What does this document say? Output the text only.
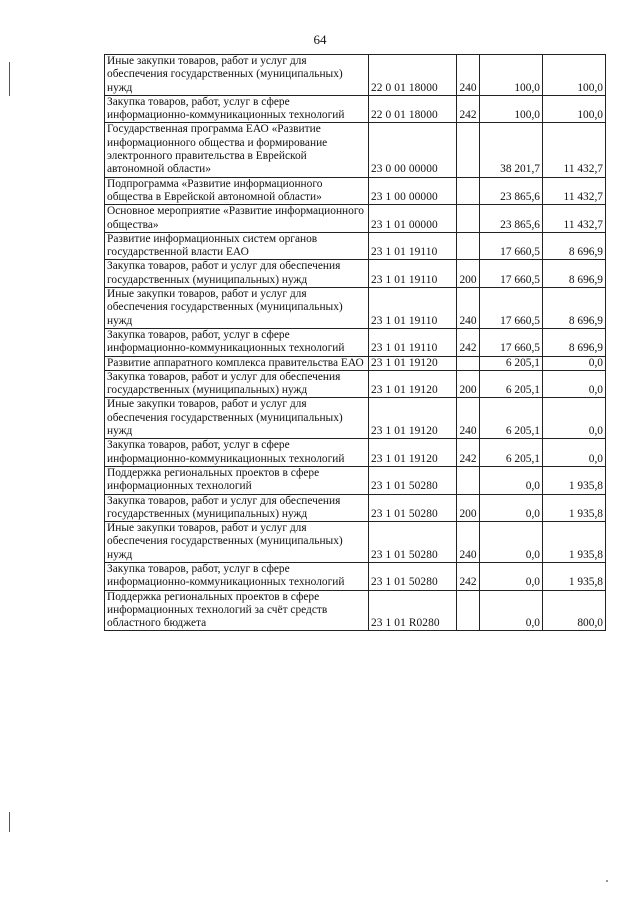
64
Иные закупки товаров, работ и услуг для обеспечения государственных (муниципальных) нужд	22 0 01 18000	240	100,0	100,0
Закупка товаров, работ, услуг в сфере информационно-коммуникационных технологий	22 0 01 18000	242	100,0	100,0
Государственная программа ЕАО «Развитие информационного общества и формирование электронного правительства в Еврейской автономной области»	23 0 00 00000		38 201,7	11 432,7
Подпрограмма «Развитие информационного общества в Еврейской автономной области»	23 1 00 00000		23 865,6	11 432,7
Основное мероприятие «Развитие информационного общества»	23 1 01 00000		23 865,6	11 432,7
Развитие информационных систем органов государственной власти ЕАО	23 1 01 19110		17 660,5	8 696,9
Закупка товаров, работ и услуг для обеспечения государственных (муниципальных) нужд	23 1 01 19110	200	17 660,5	8 696,9
Иные закупки товаров, работ и услуг для обеспечения государственных (муниципальных) нужд	23 1 01 19110	240	17 660,5	8 696,9
Закупка товаров, работ, услуг в сфере информационно-коммуникационных технологий	23 1 01 19110	242	17 660,5	8 696,9
Развитие аппаратного комплекса правительства ЕАО	23 1 01 19120		6 205,1	0,0
Закупка товаров, работ и услуг для обеспечения государственных (муниципальных) нужд	23 1 01 19120	200	6 205,1	0,0
Иные закупки товаров, работ и услуг для обеспечения государственных (муниципальных) нужд	23 1 01 19120	240	6 205,1	0,0
Закупка товаров, работ, услуг в сфере информационно-коммуникационных технологий	23 1 01 19120	242	6 205,1	0,0
Поддержка региональных проектов в сфере информационных технологий	23 1 01 50280		0,0	1 935,8
Закупка товаров, работ и услуг для обеспечения государственных (муниципальных) нужд	23 1 01 50280	200	0,0	1 935,8
Иные закупки товаров, работ и услуг для обеспечения государственных (муниципальных) нужд	23 1 01 50280	240	0,0	1 935,8
Закупка товаров, работ, услуг в сфере информационно-коммуникационных технологий	23 1 01 50280	242	0,0	1 935,8
Поддержка региональных проектов в сфере информационных технологий за счёт средств областного бюджета	23 1 01 R0280		0,0	800,0
